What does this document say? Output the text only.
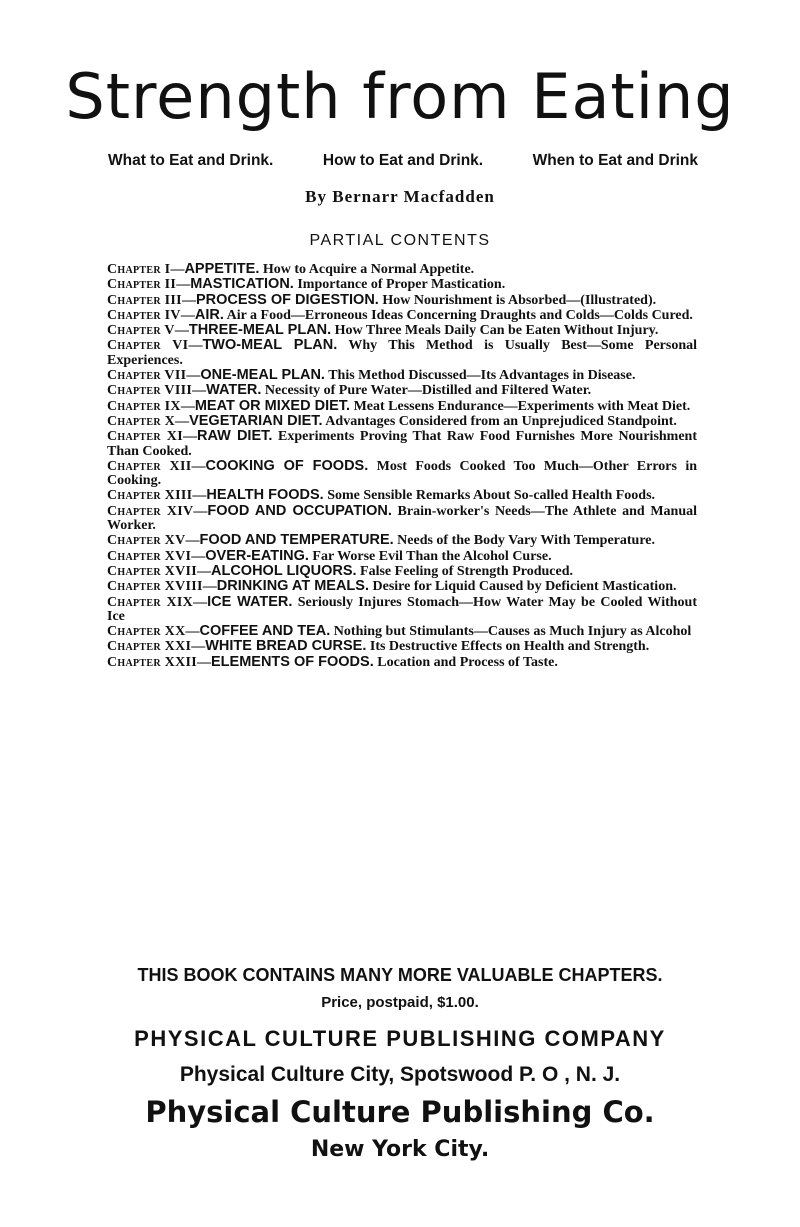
Strength from Eating
What to Eat and Drink.	How to Eat and Drink.	When to Eat and Drink
By Bernarr Macfadden
PARTIAL CONTENTS

Chapter I—APPETITE. How to Acquire a Normal Appetite.

Chapter II—MASTICATION. Importance of Proper Mastication.

Chapter III—PROCESS OF DIGESTION. How Nourishment is Absorbed—(Illustrated).

Chapter IV—AIR. Air a Food—Erroneous Ideas Concerning Draughts and Colds—Colds Cured.

Chapter V—THREE-MEAL PLAN. How Three Meals Daily Can be Eaten Without Injury.

Chapter VI—TWO-MEAL PLAN. Why This Method is Usually Best—Some Personal Experiences.

Chapter VII—ONE-MEAL PLAN. This Method Discussed—Its Advantages in Disease.

Chapter VIII—WATER. Necessity of Pure Water—Distilled and Filtered Water.

Chapter IX—MEAT OR MIXED DIET. Meat Lessens Endurance—Experiments with Meat Diet.

Chapter X—VEGETARIAN DIET. Advantages Considered from an Unprejudiced Standpoint.

Chapter XI—RAW DIET. Experiments Proving That Raw Food Furnishes More Nourishment Than Cooked.

Chapter XII—COOKING OF FOODS. Most Foods Cooked Too Much—Other Errors in Cooking.

Chapter XIII—HEALTH FOODS. Some Sensible Remarks About So-called Health Foods.

Chapter XIV—FOOD AND OCCUPATION. Brain-worker's Needs—The Athlete and Manual Worker.

Chapter XV—FOOD AND TEMPERATURE. Needs of the Body Vary With Temperature.

Chapter XVI—OVER-EATING. Far Worse Evil Than the Alcohol Curse.

Chapter XVII—ALCOHOL LIQUORS. False Feeling of Strength Produced.

Chapter XVIII—DRINKING AT MEALS. Desire for Liquid Caused by Deficient Mastication.

Chapter XIX—ICE WATER. Seriously Injures Stomach—How Water May be Cooled Without Ice

Chapter XX—COFFEE AND TEA. Nothing but Stimulants—Causes as Much Injury as Alcohol

Chapter XXI—WHITE BREAD CURSE. Its Destructive Effects on Health and Strength.

Chapter XXII—ELEMENTS OF FOODS. Location and Process of Taste.

THIS BOOK CONTAINS MANY MORE VALUABLE CHAPTERS.
Price, postpaid, $1.00.
PHYSICAL CULTURE PUBLISHING COMPANY
Physical Culture City, Spotswood P. O , N. J.
Physical Culture Publishing Co.
New York City.
